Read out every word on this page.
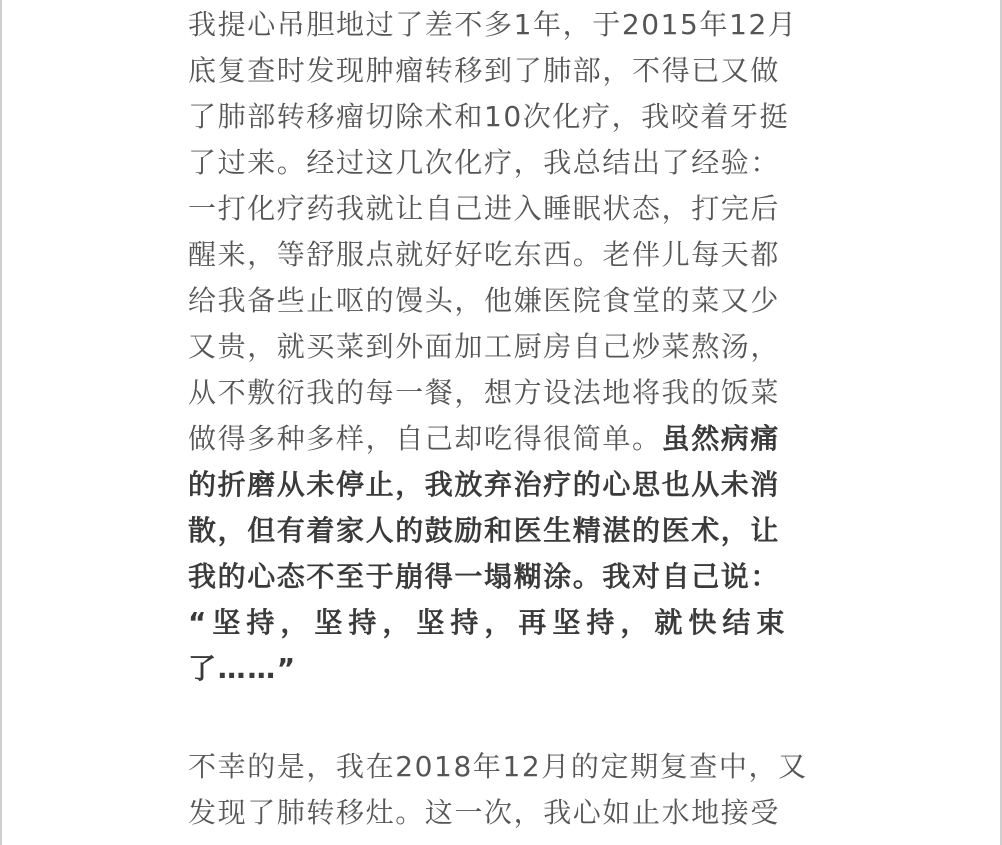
我提心吊胆地过了差不多1年，于2015年12月
底复查时发现肿瘤转移到了肺部，不得已又做
了肺部转移瘤切除术和10次化疗，我咬着牙挺
了过来。经过这几次化疗，我总结出了经验：
一打化疗药我就让自己进入睡眠状态，打完后
醒来，等舒服点就好好吃东西。老伴儿每天都
给我备些止呕的馒头，他嫌医院食堂的菜又少
又贵，就买菜到外面加工厨房自己炒菜熬汤，
从不敷衍我的每一餐，想方设法地将我的饭菜
做得多种多样，自己却吃得很简单。虽然病痛
的折磨从未停止，我放弃治疗的心思也从未消
散，但有着家人的鼓励和医生精湛的医术，让
我的心态不至于崩得一塌糊涂。我对自己说：
“坚持，坚持，坚持，再坚持，就快结束
了……”

不幸的是，我在2018年12月的定期复查中，又
发现了肺转移灶。这一次，我心如止水地接受
